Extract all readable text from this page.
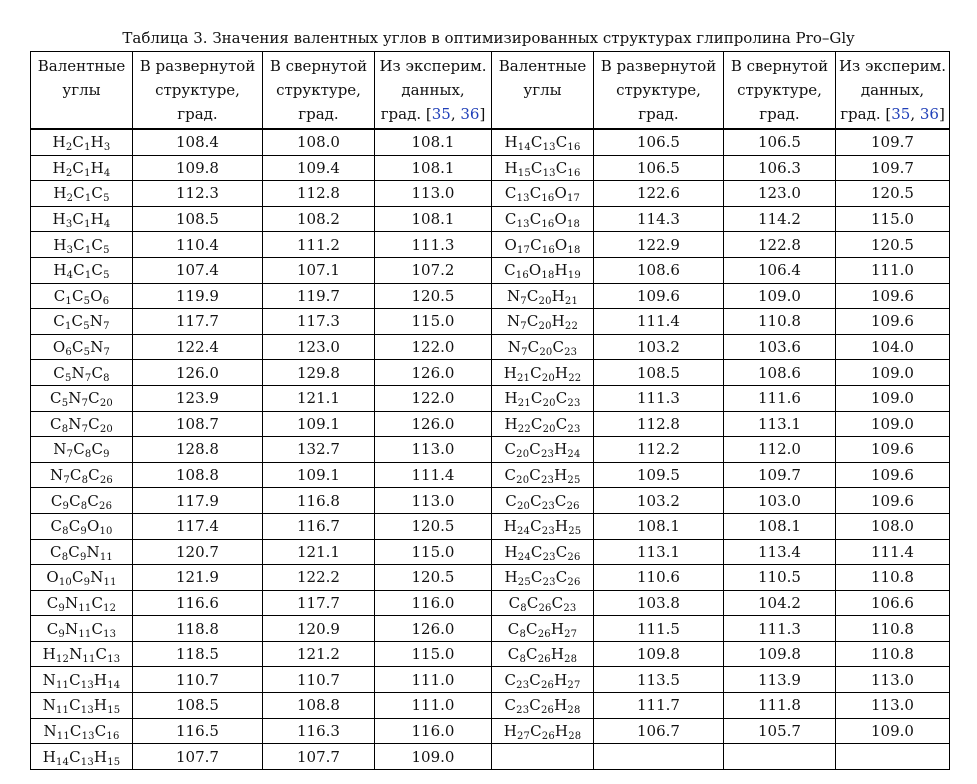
Таблица 3. Значения валентных углов в оптимизированных структурах глипролина Pro–Gly
Валентные
углы	В развернутой
структуре,
град.	В свернутой
структуре,
град.	Из эксперим.
данных,
град. [35, 36]	Валентные
углы	В развернутой
структуре,
град.	В свернутой
структуре,
град.	Из эксперим.
данных,
град. [35, 36]

$H_2C_1H_3$	108.4	108.0	108.1	$H_{14}C_{13}C_{16}$	106.5	106.5	109.7
$H_2C_1H_4$	109.8	109.4	108.1	$H_{15}C_{13}C_{16}$	106.5	106.3	109.7
$H_2C_1C_5$	112.3	112.8	113.0	$C_{13}C_{16}O_{17}$	122.6	123.0	120.5
$H_3C_1H_4$	108.5	108.2	108.1	$C_{13}C_{16}O_{18}$	114.3	114.2	115.0
$H_3C_1C_5$	110.4	111.2	111.3	$O_{17}C_{16}O_{18}$	122.9	122.8	120.5
$H_4C_1C_5$	107.4	107.1	107.2	$C_{16}O_{18}H_{19}$	108.6	106.4	111.0
$C_1C_5O_6$	119.9	119.7	120.5	$N_7C_{20}H_{21}$	109.6	109.0	109.6
$C_1C_5N_7$	117.7	117.3	115.0	$N_7C_{20}H_{22}$	111.4	110.8	109.6
$O_6C_5N_7$	122.4	123.0	122.0	$N_7C_{20}C_{23}$	103.2	103.6	104.0
$C_5N_7C_8$	126.0	129.8	126.0	$H_{21}C_{20}H_{22}$	108.5	108.6	109.0
$C_5N_7C_{20}$	123.9	121.1	122.0	$H_{21}C_{20}C_{23}$	111.3	111.6	109.0
$C_8N_7C_{20}$	108.7	109.1	126.0	$H_{22}C_{20}C_{23}$	112.8	113.1	109.0
$N_7C_8C_9$	128.8	132.7	113.0	$C_{20}C_{23}H_{24}$	112.2	112.0	109.6
$N_7C_8C_{26}$	108.8	109.1	111.4	$C_{20}C_{23}H_{25}$	109.5	109.7	109.6
$C_9C_8C_{26}$	117.9	116.8	113.0	$C_{20}C_{23}C_{26}$	103.2	103.0	109.6
$C_8C_9O_{10}$	117.4	116.7	120.5	$H_{24}C_{23}H_{25}$	108.1	108.1	108.0
$C_8C_9N_{11}$	120.7	121.1	115.0	$H_{24}C_{23}C_{26}$	113.1	113.4	111.4
$O_{10}C_9N_{11}$	121.9	122.2	120.5	$H_{25}C_{23}C_{26}$	110.6	110.5	110.8
$C_9N_{11}C_{12}$	116.6	117.7	116.0	$C_8C_{26}C_{23}$	103.8	104.2	106.6
$C_9N_{11}C_{13}$	118.8	120.9	126.0	$C_8C_{26}H_{27}$	111.5	111.3	110.8
$H_{12}N_{11}C_{13}$	118.5	121.2	115.0	$C_8C_{26}H_{28}$	109.8	109.8	110.8
$N_{11}C_{13}H_{14}$	110.7	110.7	111.0	$C_{23}C_{26}H_{27}$	113.5	113.9	113.0
$N_{11}C_{13}H_{15}$	108.5	108.8	111.0	$C_{23}C_{26}H_{28}$	111.7	111.8	113.0
$N_{11}C_{13}C_{16}$	116.5	116.3	116.0	$H_{27}C_{26}H_{28}$	106.7	105.7	109.0
$H_{14}C_{13}H_{15}$	107.7	107.7	109.0				
